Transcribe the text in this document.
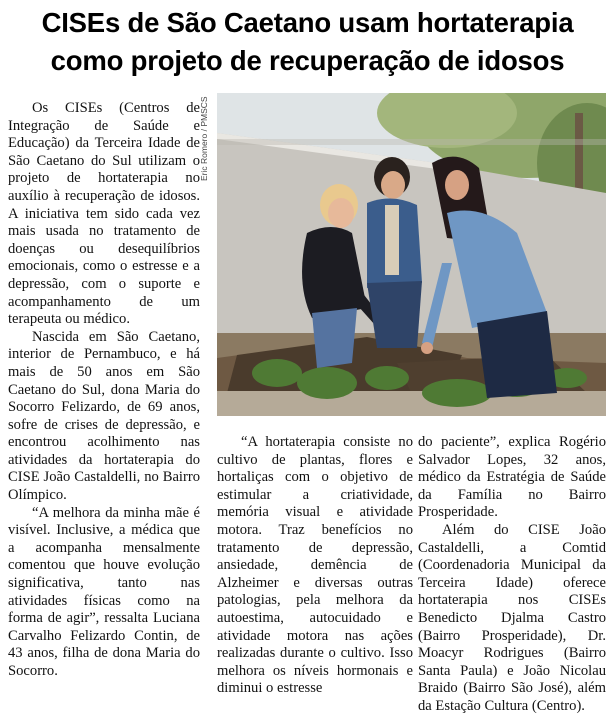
CISEs de São Caetano usam hortaterapia
como projeto de recuperação de idosos
Eric Romero / PMSCS

Os CISEs (Centros de Integração de Saúde e Educação) da Terceira Idade de São Caetano do Sul utilizam o projeto de hortaterapia no auxílio à recuperação de idosos. A iniciativa tem sido cada vez mais usada no tratamento de doenças ou desequilíbrios emocionais, como o estresse e a depressão, com o suporte e acompanhamento de um terapeuta ou médico.

Nascida em São Caetano, interior de Pernambuco, e há mais de 50 anos em São Caetano do Sul, dona Maria do Socorro Felizardo, de 69 anos, sofre de crises de depressão, e encontrou acolhimento nas atividades da hortaterapia do CISE João Castaldelli, no Bairro Olímpico.

“A melhora da minha mãe é visível. Inclusive, a médica que a acompanha mensalmente comentou que houve evolução significativa, tanto nas atividades físicas como na forma de agir”, ressalta Luciana Carvalho Felizardo Contin, de 43 anos, filha de dona Maria do Socorro.

“A hortaterapia consiste no cultivo de plantas, flores e hortaliças com o objetivo de estimular a criatividade, memória visual e atividade motora. Traz benefícios no tratamento de depressão, ansiedade, demência de Alzheimer e diversas outras patologias, pela melhora da autoestima, autocuidado e atividade motora nas ações realizadas durante o cultivo. Isso melhora os níveis hormonais e diminui o estresse

do paciente”, explica Rogério Salvador Lopes, 32 anos, médico da Estratégia de Saúde da Família no Bairro Prosperidade.

Além do CISE João Castaldelli, a Comtid (Coordenadoria Municipal da Terceira Idade) oferece hortaterapia nos CISEs Benedicto Djalma Castro (Bairro Prosperidade), Dr. Moacyr Rodrigues (Bairro Santa Paula) e João Nicolau Braido (Bairro São José), além da Estação Cultura (Centro).
